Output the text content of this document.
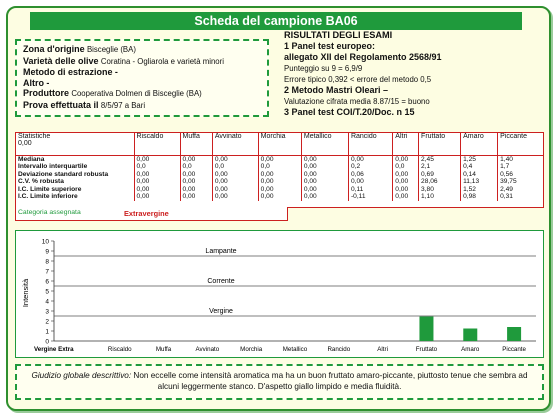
Scheda del campione BA06
Zona d'origine Bisceglie (BA)
Varietà delle olive Coratina - Ogliarola e varietà minori
Metodo di estrazione -
Altro -
Produttore Cooperativa Dolmen di Bisceglie (BA)
Prova effettuata il 8/5/97 a Bari
RISULTATI DEGLI ESAMI
1 Panel test europeo:
allegato XII del Regolamento 2568/91
Punteggio su 9 = 6,9/9
Errore tipico 0,392 < errore del metodo 0,5
2 Metodo Mastri Oleari –
Valutazione cifrata media 8.87/15 = buono
3 Panel test COI/T.20/Doc. n 15
Statistiche
0,00	Riscaldo	Muffa	Avvinato	Morchia	Metallico	Rancido	Altri	Fruttato	Amaro	Piccante
Mediana	0,00	0,00	0,00	0,00	0,00	0,00	0,00	2,45	1,25	1,40
Intervallo interquartile	0,0	0,0	0,0	0,0	0,00	0,2	0,0	2,1	0,4	1,7
Deviazione standard robusta	0,00	0,00	0,00	0,00	0,00	0,06	0,00	0,69	0,14	0,56
C.V. % robusta	0,00	0,00	0,00	0,00	0,00	0,00	0,00	28,06	11,13	39,75
I.C. Limite superiore	0,00	0,00	0,00	0,00	0,00	0,11	0,00	3,80	1,52	2,49
I.C. Limite inferiore	0,00	0,00	0,00	0,00	0,00	-0,11	0,00	1,10	0,98	0,31
Categoria assegnata	Extravergine
0
1
2
3
4
5
6
7
8
9
10
Intensità
Lampante
Corrente
Vergine
Vergine Extra	Riscaldo	Muffa	Avvinato	Morchia	Metallico	Rancido	Altri	Fruttato	Amaro	Piccante
Giudizio globale descrittivo: Non eccelle come intensità aromatica ma ha un buon fruttato amaro-piccante, piuttosto tenue che sembra ad alcuni leggermente stanco. D'aspetto giallo limpido e media fluidità.
